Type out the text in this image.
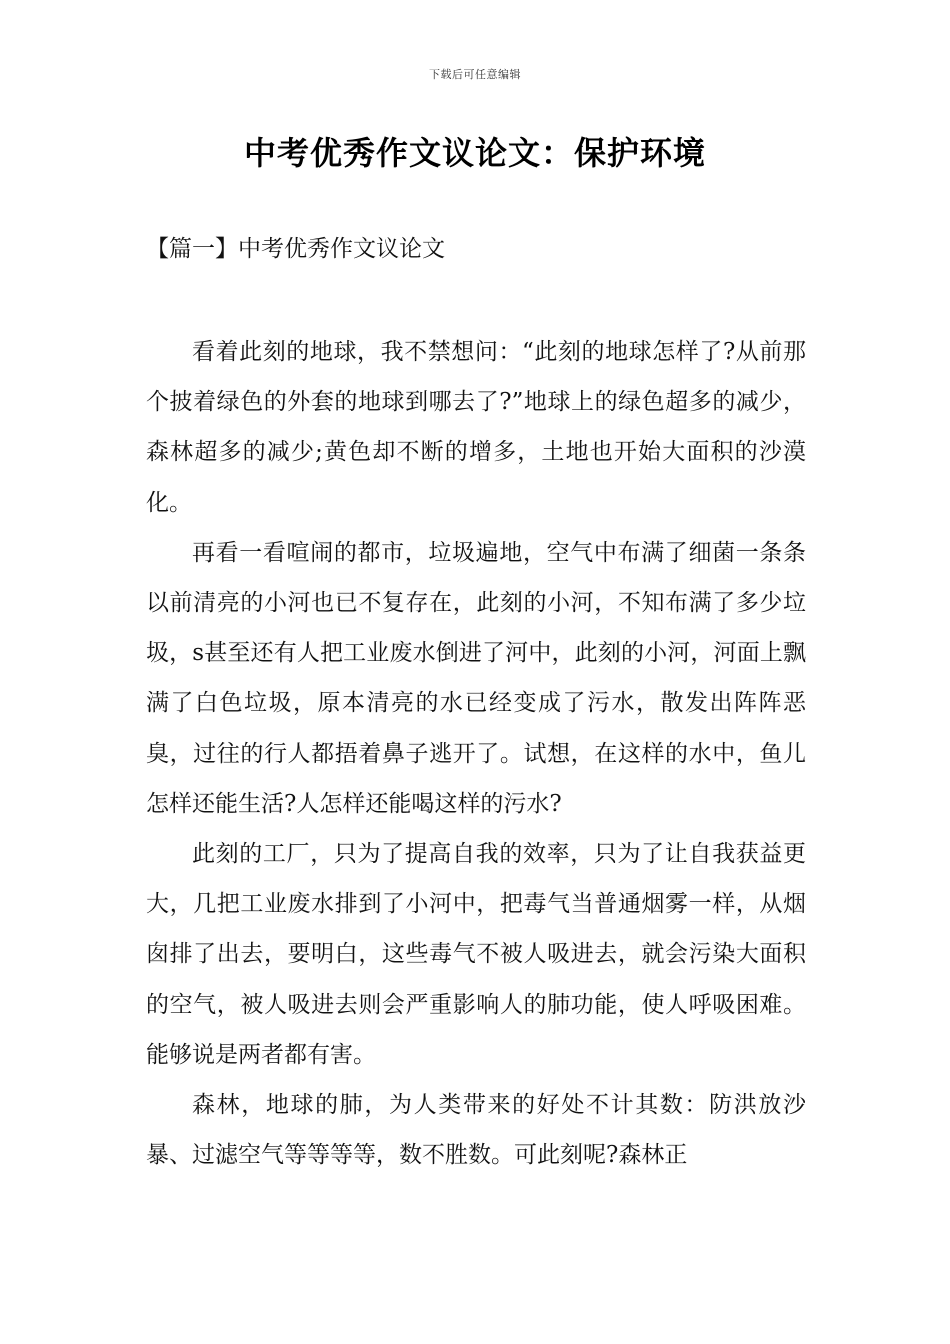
下载后可任意编辑
中考优秀作文议论文：保护环境
【篇一】中考优秀作文议论文

看着此刻的地球，我不禁想问：“此刻的地球怎样了?从前那个披着绿色的外套的地球到哪去了?”地球上的绿色超多的减少，森林超多的减少;黄色却不断的增多，土地也开始大面积的沙漠化。

再看一看喧闹的都市，垃圾遍地，空气中布满了细菌一条条以前清亮的小河也已不复存在，此刻的小河，不知布满了多少垃圾，s甚至还有人把工业废水倒进了河中，此刻的小河，河面上飘满了白色垃圾，原本清亮的水已经变成了污水，散发出阵阵恶臭，过往的行人都捂着鼻子逃开了。试想，在这样的水中，鱼儿怎样还能生活?人怎样还能喝这样的污水?

此刻的工厂，只为了提高自我的效率，只为了让自我获益更大，几把工业废水排到了小河中，把毒气当普通烟雾一样，从烟囱排了出去，要明白，这些毒气不被人吸进去，就会污染大面积的空气，被人吸进去则会严重影响人的肺功能，使人呼吸困难。能够说是两者都有害。

森林，地球的肺，为人类带来的好处不计其数：防洪放沙暴、过滤空气等等等等，数不胜数。可此刻呢?森林正
